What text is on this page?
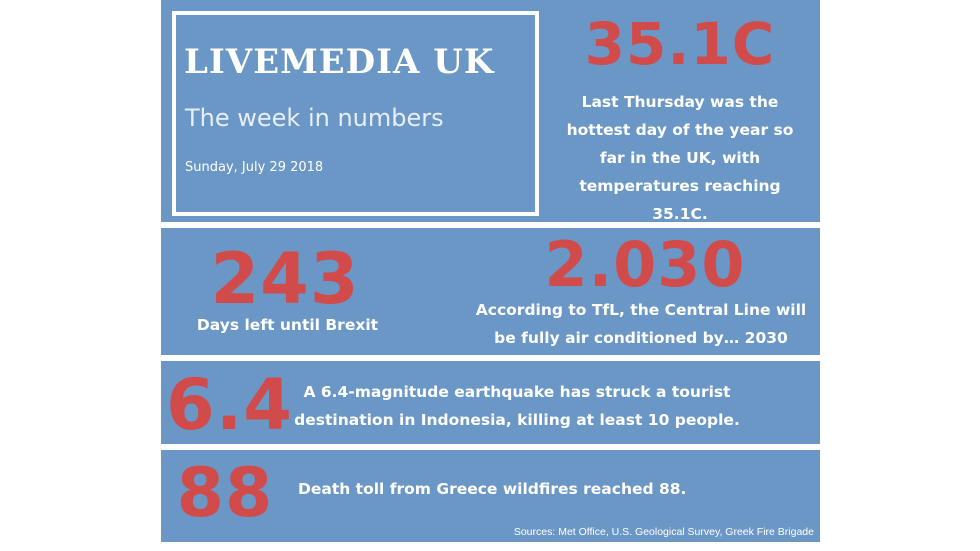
LIVEMEDIA UK
The week in numbers
Sunday, July 29 2018
35.1C
Last Thursday was the hottest day of the year so far in the UK, with temperatures reaching 35.1C.
243
Days left until Brexit
2.030
According to TfL, the Central Line will be fully air conditioned by… 2030
6.4 A 6.4-magnitude earthquake has struck a tourist destination in Indonesia, killing at least 10 people.
88	Death toll from Greece wildfires reached 88.
Sources: Met Office, U.S. Geological Survey, Greek Fire Brigade
